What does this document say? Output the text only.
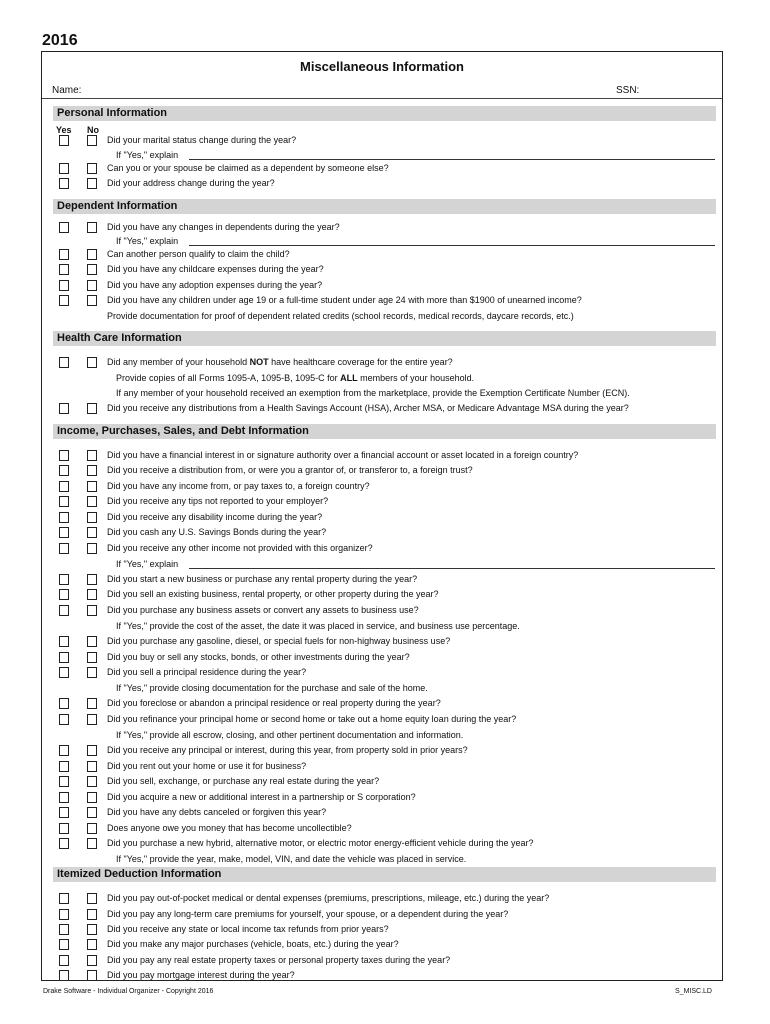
2016
Miscellaneous Information
Name:	SSN:
Personal Information
Yes No
Did your marital status change during the year?
If "Yes," explain
Can you or your spouse be claimed as a dependent by someone else?
Did your address change during the year?
Dependent Information
Did you have any changes in dependents during the year?
If "Yes," explain
Can another person qualify to claim the child?
Did you have any childcare expenses during the year?
Did you have any adoption expenses during the year?
Did you have any children under age 19 or a full-time student under age 24 with more than $1900 of unearned income?
Provide documentation for proof of dependent related credits (school records, medical records, daycare records, etc.)
Health Care Information
Did any member of your household NOT have healthcare coverage for the entire year?
Provide copies of all Forms 1095-A, 1095-B, 1095-C for ALL members of your household.
If any member of your household received an exemption from the marketplace, provide the Exemption Certificate Number (ECN).
Did you receive any distributions from a Health Savings Account (HSA), Archer MSA, or Medicare Advantage MSA during the year?
Income, Purchases, Sales, and Debt Information
Did you have a financial interest in or signature authority over a financial account or asset located in a foreign country?
Did you receive a distribution from, or were you a grantor of, or transferor to, a foreign trust?
Did you have any income from, or pay taxes to, a foreign country?
Did you receive any tips not reported to your employer?
Did you receive any disability income during the year?
Did you cash any U.S. Savings Bonds during the year?
Did you receive any other income not provided with this organizer?
If "Yes," explain
Did you start a new business or purchase any rental property during the year?
Did you sell an existing business, rental property, or other property during the year?
Did you purchase any business assets or convert any assets to business use?
If "Yes," provide the cost of the asset, the date it was placed in service, and business use percentage.
Did you purchase any gasoline, diesel, or special fuels for non-highway business use?
Did you buy or sell any stocks, bonds, or other investments during the year?
Did you sell a principal residence during the year?
If "Yes," provide closing documentation for the purchase and sale of the home.
Did you foreclose or abandon a principal residence or real property during the year?
Did you refinance your principal home or second home or take out a home equity loan during the year?
If "Yes," provide all escrow, closing, and other pertinent documentation and information.
Did you receive any principal or interest, during this year, from property sold in prior years?
Did you rent out your home or use it for business?
Did you sell, exchange, or purchase any real estate during the year?
Did you acquire a new or additional interest in a partnership or S corporation?
Did you have any debts canceled or forgiven this year?
Does anyone owe you money that has become uncollectible?
Did you purchase a new hybrid, alternative motor, or electric motor energy-efficient vehicle during the year?
If "Yes," provide the year, make, model, VIN, and date the vehicle was placed in service.
Itemized Deduction Information
Did you pay out-of-pocket medical or dental expenses (premiums, prescriptions, mileage, etc.) during the year?
Did you pay any long-term care premiums for yourself, your spouse, or a dependent during the year?
Did you receive any state or local income tax refunds from prior years?
Did you make any major purchases (vehicle, boats, etc.) during the year?
Did you pay any real estate property taxes or personal property taxes during the year?
Did you pay mortgage interest during the year?
Drake Software - Individual Organizer - Copyright 2016	S_MISC.LD
